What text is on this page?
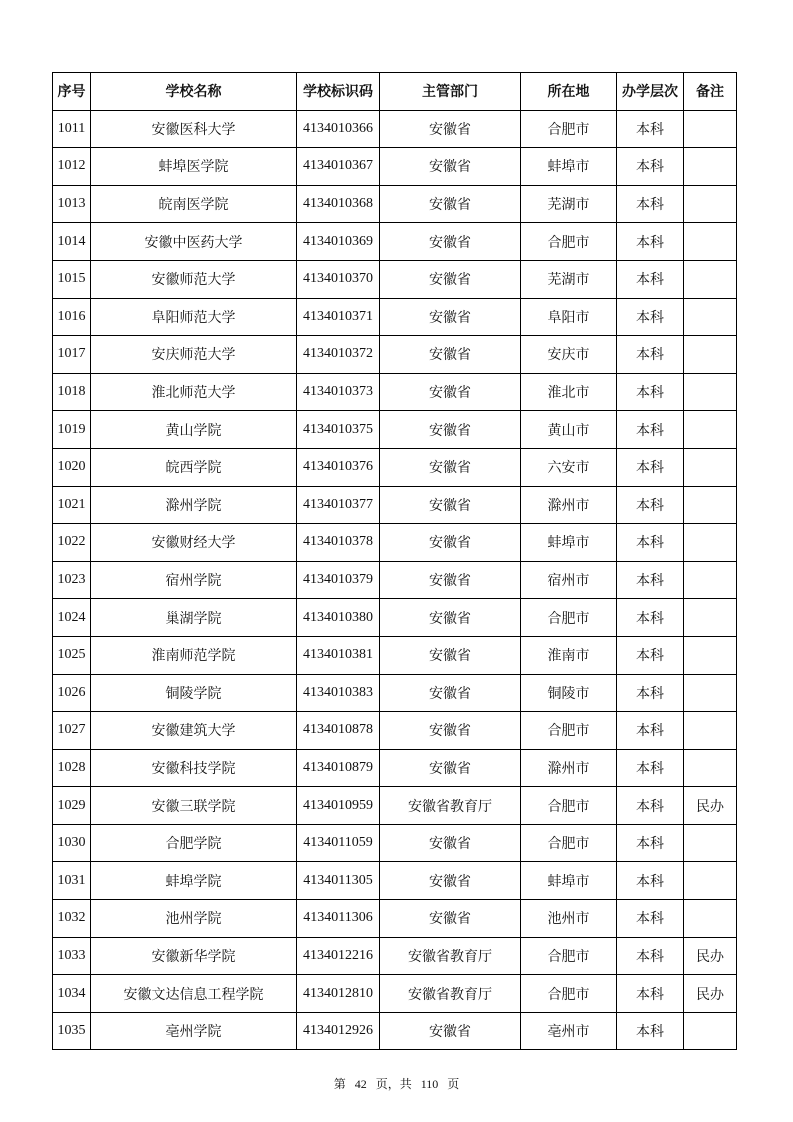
序号	学校名称	学校标识码	主管部门	所在地	办学层次	备注
1011	安徽医科大学	4134010366	安徽省	合肥市	本科	
1012	蚌埠医学院	4134010367	安徽省	蚌埠市	本科	
1013	皖南医学院	4134010368	安徽省	芜湖市	本科	
1014	安徽中医药大学	4134010369	安徽省	合肥市	本科	
1015	安徽师范大学	4134010370	安徽省	芜湖市	本科	
1016	阜阳师范大学	4134010371	安徽省	阜阳市	本科	
1017	安庆师范大学	4134010372	安徽省	安庆市	本科	
1018	淮北师范大学	4134010373	安徽省	淮北市	本科	
1019	黄山学院	4134010375	安徽省	黄山市	本科	
1020	皖西学院	4134010376	安徽省	六安市	本科	
1021	滁州学院	4134010377	安徽省	滁州市	本科	
1022	安徽财经大学	4134010378	安徽省	蚌埠市	本科	
1023	宿州学院	4134010379	安徽省	宿州市	本科	
1024	巢湖学院	4134010380	安徽省	合肥市	本科	
1025	淮南师范学院	4134010381	安徽省	淮南市	本科	
1026	铜陵学院	4134010383	安徽省	铜陵市	本科	
1027	安徽建筑大学	4134010878	安徽省	合肥市	本科	
1028	安徽科技学院	4134010879	安徽省	滁州市	本科	
1029	安徽三联学院	4134010959	安徽省教育厅	合肥市	本科	民办
1030	合肥学院	4134011059	安徽省	合肥市	本科	
1031	蚌埠学院	4134011305	安徽省	蚌埠市	本科	
1032	池州学院	4134011306	安徽省	池州市	本科	
1033	安徽新华学院	4134012216	安徽省教育厅	合肥市	本科	民办
1034	安徽文达信息工程学院	4134012810	安徽省教育厅	合肥市	本科	民办
1035	亳州学院	4134012926	安徽省	亳州市	本科	
第 42 页，共 110 页
